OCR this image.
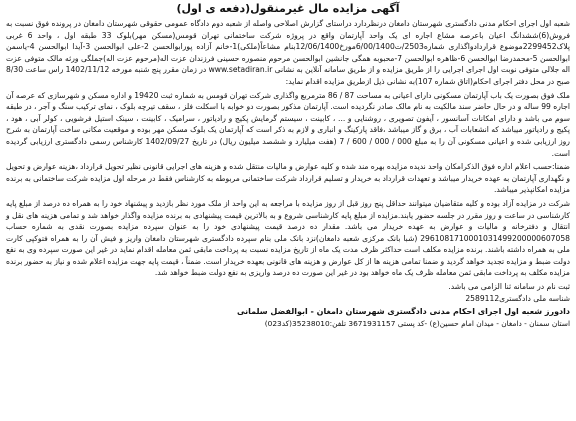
آگهی مزایده مال غیرمنقول(دفعه ی اول)

شعبه اول اجرای احکام مدنی دادگستری شهرستان دامغان درنظردارد دراستای گزارش اصلاحی واصله از شعبه دوم دادگاه عمومی حقوقی شهرستان دامغان در پرونده فوق نسبت به فروش(6)ششدانگ اعیان باعرصه مشاع اجاره ای یک واحد آپارتمان واقع در پروژه شرکت ساختمانی تهران قومس(مسکن مهر)بلوک 33 طبقه اول ، واحد 6 غربی پلاک2299452موضوع قراردادواگذاری شماره2503/ت6/00/1400مورخ12/06/1400بنام مشاعاً(ملکی)1-خانم آزاده پورابوالحسن 2-علی ابوالحسن 3-آیدا ابوالحسن 4-یاسمن ابوالحسن 5-محمدرضا ابوالحسن 6-ظاهره ابوالحسن 7-محبوبه همگی جانشین ابوالحسن مرحوم منصوره حسینی فرزندان عزت اله(مرحوم عزت اله)جملگی ورثه مالک متوفی عزت اله جلالی متوفی نوبت اول اجرای اجرایی را از طریق مزایده و از طریق سامانه آنلاین به نشانی www.setadiran.ir در زمان مقرر پنج شنبه مورخه 1402/11/12 راس ساعت 8/30 صبح در محل دفتر اجرای احکام(اتاق شماره 107)به نشانی ذیل ازطریق مزایده اقدام نماید:

ملک فوق بصورت یک باب آپارتمان مسکونی دارای اعیانی به مساحت 87 / 86 مترمربع واگذاری شرکت تهران قومس به شماره ثبت 19420 و اداره مسکن و شهرسازی که عرصه آن اجاره 99 ساله و در حال حاضر سند مالکیت به نام مالک صادر نگردیده است. آپارتمان مذکور بصورت دو خوابه با اسکلت فلز ، سقف تیرچه بلوک ، نمای ترکیب سنگ و آجر ، در طبقه سوم می باشد و دارای امکانات آسانسور ، آیفون تصویری ، روشنایی و ... ، کابینت ، سیستم گرمایش پکیج و رادیاتور ، سرامیک ، کابینت ، سینک استیل فرشویی ، کولر آبی ، هود ، پکیج و رادیاتور میباشد که انشعابات آب ، برق و گاز میباشد ،فاقد پارکینگ و انباری و لازم به ذکر است که آپارتمان یک بلوک مسکن مهر بوده و موقعیت مکانی ساخت آپارتمان به شرح روز ارزیابی شده و اعیانی مسکونی آن را به مبلغ 000 / 000 / 600 / 7 (هفت میلیارد و ششصد میلیون ریال) در تاریخ 1402/09/27 کارشناس رسمی دادگستری ارزیابی گردیده است.

ضمنا:حسب اعلام اداره فوق الذکرامکان واحد ندیده مزایده بهره مند شده و کلیه عوارض و مالیات منتقل شده و هزینه های اجرایی قانونی نظیر تحویل قرارداد ،هزینه عوارض و تحویل و نگهداری آپارتمان به عهده خریدار میباشد و تعهدات قرارداد به خریدار و تسلیم قرارداد شرکت ساختمانی مربوطه به کارشناس فقط در مرحله اول مزایده شرکت ساختمانی به برنده مزایده امکانپذیر میباشد.

شرکت در مزایده آزاد بوده و کلیه متقاضیان میتوانند حداقل پنج روز قبل از روز مزایده با مراجعه به این واحد از ملک مورد نظر بازدید و پیشنهاد خود را به همراه ده درصد از مبلغ پایه کارشناسی در ساعت و روز مقرر در جلسه حضور یابند.مزایده از مبلغ پایه کارشناسی شروع و به بالاترین قیمت پیشنهادی به برنده مزایده واگذار خواهد شد و تمامی هزینه های نقل و انتقال و دفترخانه و مالیات و عوارض به عهده خریدار می باشد. مقدار ده درصد قیمت پیشنهادی خود را به عنوان سپرده مزایده بصورت نقدی به شماره حساب 2961081710001031499200000607058 (شبا بانک مرکزی شعبه دامغان)نزد بانک ملی بنام سپرده دادگستری شهرستان دامغان واریز و فیش آن را به همراه فتوکپی کارت ملی به همراه داشته باشند. برنده مزایده مکلف است حداکثر ظرف مدت یک ماه از تاریخ مزایده نسبت به پرداخت مابقی ثمن معامله اقدام نماید در غیر این صورت سپرده وی به نفع دولت ضبط و مزایده تجدید خواهد گردید و ضمنا تمامی هزینه ها از کل عوارض و هزینه های قانونی بعهده خریدار است. ضمناً ، قیمت پایه جهت مزایده اعلام شده و نیاز به حضور برنده مزایده مکلف به پرداخت مابقی ثمن معامله ظرف یک ماه خواهد بود در غیر این صورت ده درصد واریزی به نفع دولت ضبط خواهد شد.

ثبت نام در سامانه ثنا الزامی می باشد.

شناسه ملی دادگستری2589112

دادورز شعبه اول اجرای احکام مدنی دادگستری شهرستان دامغان - ابوالفضل سلمانی
استان سمنان - دامغان - میدان امام حسین(ع) -کد پستی 3671931157 تلفن:35238010(کد023)
